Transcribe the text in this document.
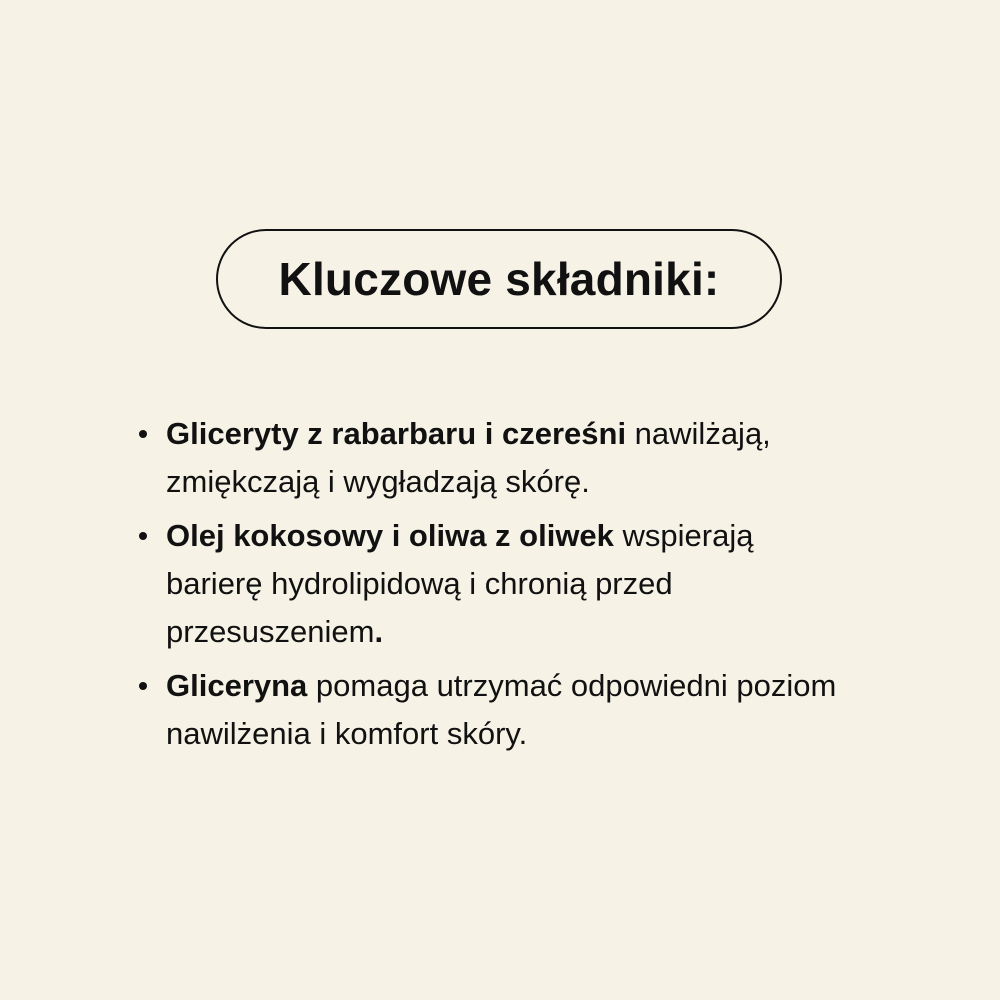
Kluczowe składniki:
Gliceryty z rabarbaru i czereśni nawilżają, zmiękczają i wygładzają skórę.
Olej kokosowy i oliwa z oliwek wspierają barierę hydrolipidową i chronią przed przesuszeniem.
Gliceryna pomaga utrzymać odpowiedni poziom nawilżenia i komfort skóry.
